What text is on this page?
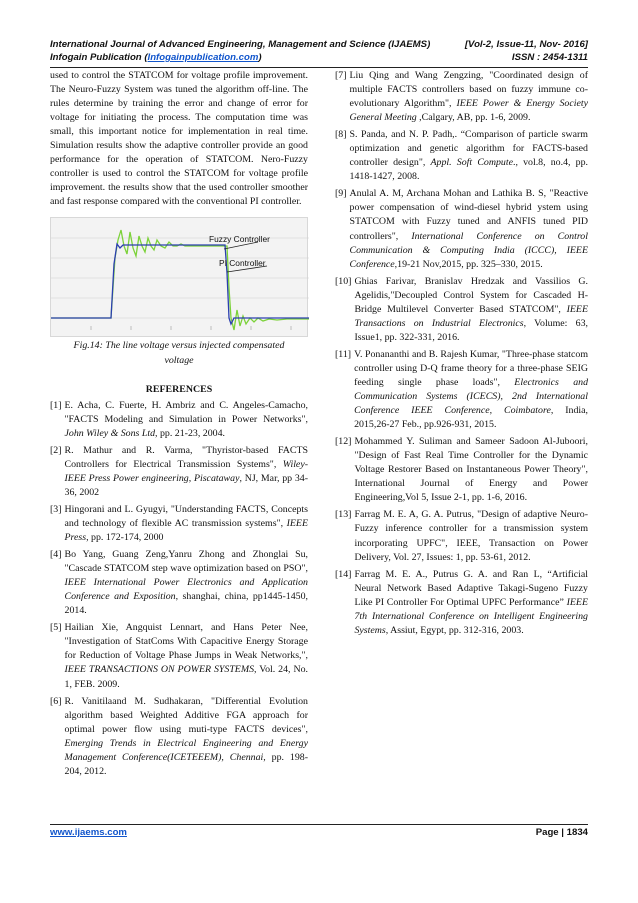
International Journal of Advanced Engineering, Management and Science (IJAEMS)	[Vol-2, Issue-11, Nov- 2016]
Infogain Publication (Infogainpublication.com)	ISSN : 2454-1311

used to control the STATCOM for voltage profile improvement. The Neuro-Fuzzy System was tuned the algorithm off-line. The rules determine by training the error and change of error for voltage for initiating the process. The computation time was small, this important notice for implementation in real time. Simulation results show the adaptive controller provide an good performance for the operation of STATCOM. Nero-Fuzzy controller is used to control the STATCOM for voltage profile improvement. the results show that the used controller smoother and fast response compared with the conventional PI controller.

Fuzzy Controller
PI Controller
Fig.14: The line voltage versus injected compensated
voltage
REFERENCES
[1] E. Acha, C. Fuerte, H. Ambriz and C. Angeles-Camacho, "FACTS Modeling and Simulation in Power Networks", John Wiley & Sons Ltd, pp. 21-23, 2004.
[2] R. Mathur and R. Varma, "Thyristor-based FACTS Controllers for Electrical Transmission Systems", Wiley-IEEE Press Power engineering, Piscataway, NJ, Mar, pp 34-36, 2002
[3] Hingorani and L. Gyugyi, "Understanding FACTS, Concepts and technology of flexible AC transmission systems", IEEE Press, pp. 172-174, 2000
[4] Bo Yang, Guang Zeng,Yanru Zhong and Zhonglai Su, "Cascade STATCOM step wave optimization based on PSO", IEEE International Power Electronics and Application Conference and Exposition, shanghai, china, pp1445-1450, 2014.
[5] Hailian Xie, Angquist Lennart, and Hans Peter Nee, "Investigation of StatComs With Capacitive Energy Storage for Reduction of Voltage Phase Jumps in Weak Networks,", IEEE TRANSACTIONS ON POWER SYSTEMS, Vol. 24, No. 1, FEB. 2009.
[6] R. Vanitilaand M. Sudhakaran, "Differential Evolution algorithm based Weighted Additive FGA approach for optimal power flow using muti-type FACTS devices", Emerging Trends in Electrical Engineering and Energy Management Conference(ICETEEEM), Chennai, pp. 198-204, 2012.
[7] Liu Qing and Wang Zengzing, "Coordinated design of multiple FACTS controllers based on fuzzy immune co-evolutionary Algorithm", IEEE Power & Energy Society General Meeting ,Calgary, AB, pp. 1-6, 2009.
[8] S. Panda, and N. P. Padh,. “Comparison of particle swarm optimization and genetic algorithm for FACTS-based controller design", Appl. Soft Compute., vol.8, no.4, pp. 1418-1427, 2008.
[9] Anulal A. M, Archana Mohan and Lathika B. S, "Reactive power compensation of wind-diesel hybrid ystem using STATCOM with Fuzzy tuned and ANFIS tuned PID controllers", International Conference on Control Communication & Computing India (ICCC), IEEE Conference,19-21 Nov,2015, pp. 325–330, 2015.
[10] Ghias Farivar, Branislav Hredzak and Vassilios G. Agelidis,"Decoupled Control System for Cascaded H-Bridge Multilevel Converter Based STATCOM", IEEE Transactions on Industrial Electronics, Volume: 63, Issue1, pp. 322-331, 2016.
[11] V. Ponananthi and B. Rajesh Kumar, "Three-phase statcom controller using D-Q frame theory for a three-phase SEIG feeding single phase loads", Electronics and Communication Systems (ICECS), 2nd International Conference IEEE Conference, Coimbatore, India, 2015,26-27 Feb., pp.926-931, 2015.
[12] Mohammed Y. Suliman and Sameer Sadoon Al-Juboori, "Design of Fast Real Time Controller for the Dynamic Voltage Restorer Based on Instantaneous Power Theory", International Journal of Energy and Power Engineering,Vol 5, Issue 2-1, pp. 1-6, 2016.
[13] Farrag M. E. A, G. A. Putrus, "Design of adaptive Neuro-Fuzzy inference controller for a transmission system incorporating UPFC", IEEE, Transaction on Power Delivery, Vol. 27, Issues: 1, pp. 53-61, 2012.
[14] Farrag M. E. A., Putrus G. A. and Ran L, “Artificial Neural Network Based Adaptive Takagi-Sugeno Fuzzy Like PI Controller For Optimal UPFC Performance” IEEE 7th International Conference on Intelligent Engineering Systems, Assiut, Egypt, pp. 312-316, 2003.
www.ijaems.com	Page | 1834
